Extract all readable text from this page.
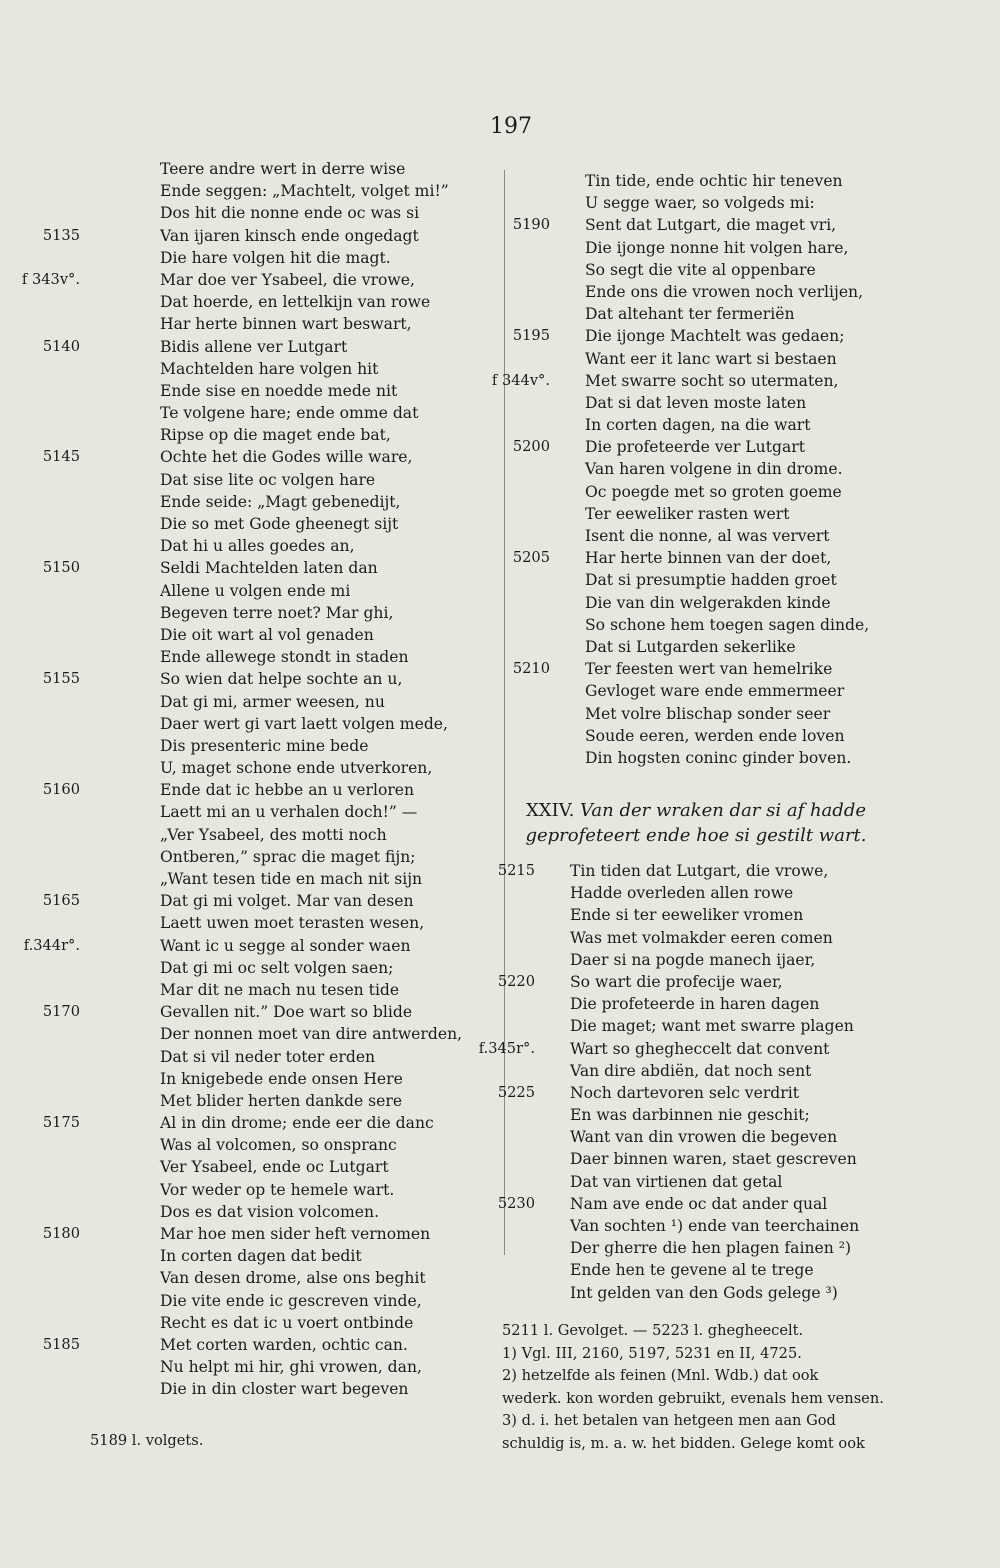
197
Teere andre wert in derre wise
Ende seggen: „Machtelt, volget mi!”
Dos hit die nonne ende oc was si
5135	Van ijaren kinsch ende ongedagt
Die hare volgen hit die magt.
f 343v°.	Mar doe ver Ysabeel, die vrowe,
Dat hoerde, en lettelkijn van rowe
Har herte binnen wart beswart,
5140	Bidis allene ver Lutgart
Machtelden hare volgen hit
Ende sise en noedde mede nit
Te volgene hare; ende omme dat
Ripse op die maget ende bat,
5145	Ochte het die Godes wille ware,
Dat sise lite oc volgen hare
Ende seide: „Magt gebenedijt,
Die so met Gode gheenegt sijt
Dat hi u alles goedes an,
5150	Seldi Machtelden laten dan
Allene u volgen ende mi
Begeven terre noet? Mar ghi,
Die oit wart al vol genaden
Ende allewege stondt in staden
5155	So wien dat helpe sochte an u,
Dat gi mi, armer weesen, nu
Daer wert gi vart laett volgen mede,
Dis presenteric mine bede
U, maget schone ende utverkoren,
5160	Ende dat ic hebbe an u verloren
Laett mi an u verhalen doch!” —
„Ver Ysabeel, des motti noch
Ontberen,” sprac die maget fijn;
„Want tesen tide en mach nit sijn
5165	Dat gi mi volget. Mar van desen
Laett uwen moet terasten wesen,
f.344r°.	Want ic u segge al sonder waen
Dat gi mi oc selt volgen saen;
Mar dit ne mach nu tesen tide
5170	Gevallen nit.” Doe wart so blide
Der nonnen moet van dire antwerden,
Dat si vil neder toter erden
In knigebede ende onsen Here
Met blider herten dankde sere
5175	Al in din drome; ende eer die danc
Was al volcomen, so onspranc
Ver Ysabeel, ende oc Lutgart
Vor weder op te hemele wart.
Dos es dat vision volcomen.
5180	Mar hoe men sider heft vernomen
In corten dagen dat bedit
Van desen drome, alse ons beghit
Die vite ende ic gescreven vinde,
Recht es dat ic u voert ontbinde
5185	Met corten warden, ochtic can.
Nu helpt mi hir, ghi vrowen, dan,
Die in din closter wart begeven
5189 l. volgets.
Tin tide, ende ochtic hir teneven
U segge waer, so volgeds mi:
5190 Sent dat Lutgart, die maget vri,
Die ijonge nonne hit volgen hare,
So segt die vite al oppenbare
Ende ons die vrowen noch verlijen,
Dat altehant ter fermeriën
5195 Die ijonge Machtelt was gedaen;
Want eer it lanc wart si bestaen
f 344v°. Met swarre socht so utermaten,
Dat si dat leven moste laten
In corten dagen, na die wart
5200 Die profeteerde ver Lutgart
Van haren volgene in din drome.
Oc poegde met so groten goeme
Ter eeweliker rasten wert
Isent die nonne, al was ververt
5205 Har herte binnen van der doet,
Dat si presumptie hadden groet
Die van din welgerakden kinde
So schone hem toegen sagen dinde,
Dat si Lutgarden sekerlike
5210 Ter feesten wert van hemelrike
Gevloget ware ende emmermeer
Met volre blischap sonder seer
Soude eeren, werden ende loven
Din hogsten coninc ginder boven.
XXIV. Van der wraken dar si af hadde
geprofeteert ende hoe si gestilt wart.
5215 Tin tiden dat Lutgart, die vrowe,
Hadde overleden allen rowe
Ende si ter eeweliker vromen
Was met volmakder eeren comen
Daer si na pogde manech ijaer,
5220 So wart die profecije waer,
Die profeteerde in haren dagen
Die maget; want met swarre plagen
f.345r°. Wart so ghegheccelt dat convent
Van dire abdiën, dat noch sent
5225 Noch dartevoren selc verdrit
En was darbinnen nie geschit;
Want van din vrowen die begeven
Daer binnen waren, staet gescreven
Dat van virtienen dat getal
5230 Nam ave ende oc dat ander qual
Van sochten ¹) ende van teerchainen
Der gherre die hen plagen fainen ²)
Ende hen te gevene al te trege
Int gelden van den Gods gelege ³)
5211 l. Gevolget. — 5223 l. ghegheecelt.
1) Vgl. III, 2160, 5197, 5231 en II, 4725.
2) hetzelfde als feinen (Mnl. Wdb.) dat ook
wederk. kon worden gebruikt, evenals hem vensen.
3) d. i. het betalen van hetgeen men aan God
schuldig is, m. a. w. het bidden. Gelege komt ook
